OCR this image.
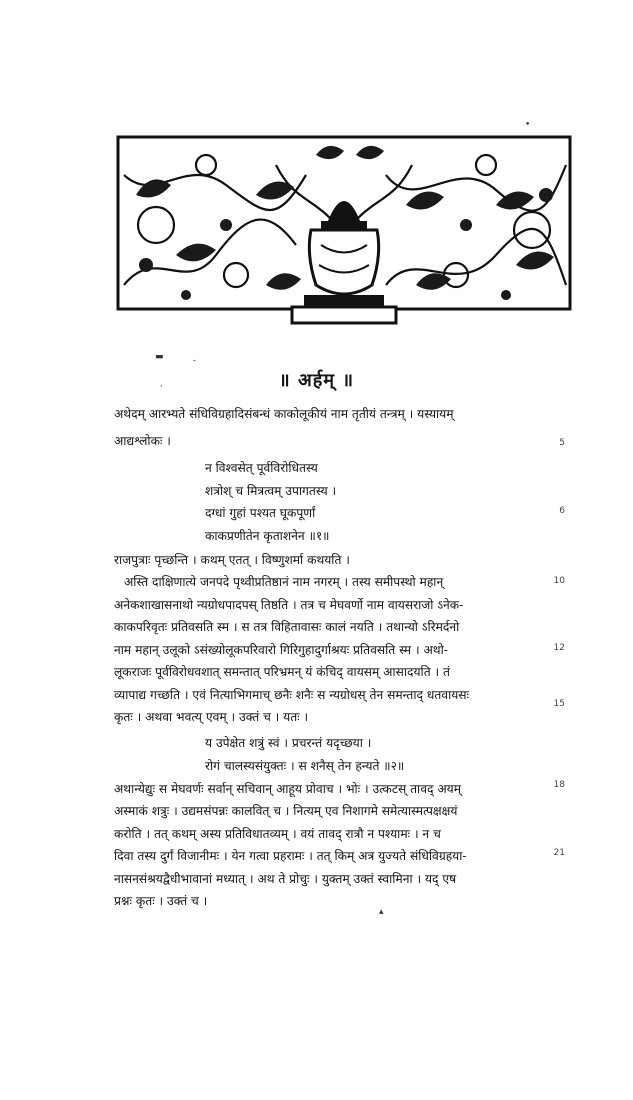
•
▬	-
·
▴
॥ अर्हम् ॥
अथेदम् आरभ्यते संधिविग्रहादिसंबन्धं काकोलूकीयं नाम तृतीयं तन्त्रम् । यस्यायम्
आद्यश्लोकः ।
न विश्वसेत् पूर्वविरोधितस्य
शत्रोश् च मित्रत्वम् उपागतस्य ।
दग्धां गुहां पश्यत घूकपूर्णां
काकप्रणीतेन कृताशनेन ॥१॥
राजपुत्राः पृच्छन्ति । कथम् एतत् । विष्णुशर्मा कथयति ।
अस्ति दाक्षिणात्ये जनपदे पृथ्वीप्रतिष्ठानं नाम नगरम् । तस्य समीपस्थो महान्
अनेकशाखासनाथो न्यग्रोधपादपस् तिष्ठति । तत्र च मेघवर्णो नाम वायसराजो ऽनेक-
काकपरिवृतः प्रतिवसति स्म । स तत्र विहितावासः कालं नयति । तथान्यो ऽरिमर्दनो
नाम महान् उलूको ऽसंख्योलूकपरिवारो गिरिगुहादुर्गाश्रयः प्रतिवसति स्म । अथो-
लूकराजः पूर्वविरोधवशात् समन्तात् परिभ्रमन् यं कंचिद् वायसम् आसादयति । तं
व्यापाद्य गच्छति । एवं नित्याभिगमाच् छनैः शनैः स न्यग्रोधस् तेन समन्ताद् धतवायसः
कृतः । अथवा भवत्य् एवम् । उक्तं च । यतः ।
य उपेक्षेत शत्रुं स्वं । प्रचरन्तं यदृच्छया ।
रोगं चालस्यसंयुक्तः । स शनैस् तेन हन्यते ॥२॥
अथान्येद्युः स मेघवर्णः सर्वान् सचिवान् आहूय प्रोवाच । भोः । उत्कटस् तावद् अयम्
अस्माकं शत्रुः । उद्यमसंपन्नः कालवित् च । नित्यम् एव निशागमे समेत्यास्मत्पक्षक्षयं
करोति । तत् कथम् अस्य प्रतिविधातव्यम् । वयं तावद् रात्रौ न पश्यामः । न च
दिवा तस्य दुर्गं विजानीमः । येन गत्वा प्रहरामः । तत् किम् अत्र युज्यते संधिविग्रहया-
नासनसंश्रयद्वैधीभावानां मध्यात् । अथ ते प्रोचुः । युक्तम् उक्तं स्वामिना । यद् एष
प्रश्नः कृतः । उक्तं च ।
5
6
10
12
15
18
21
